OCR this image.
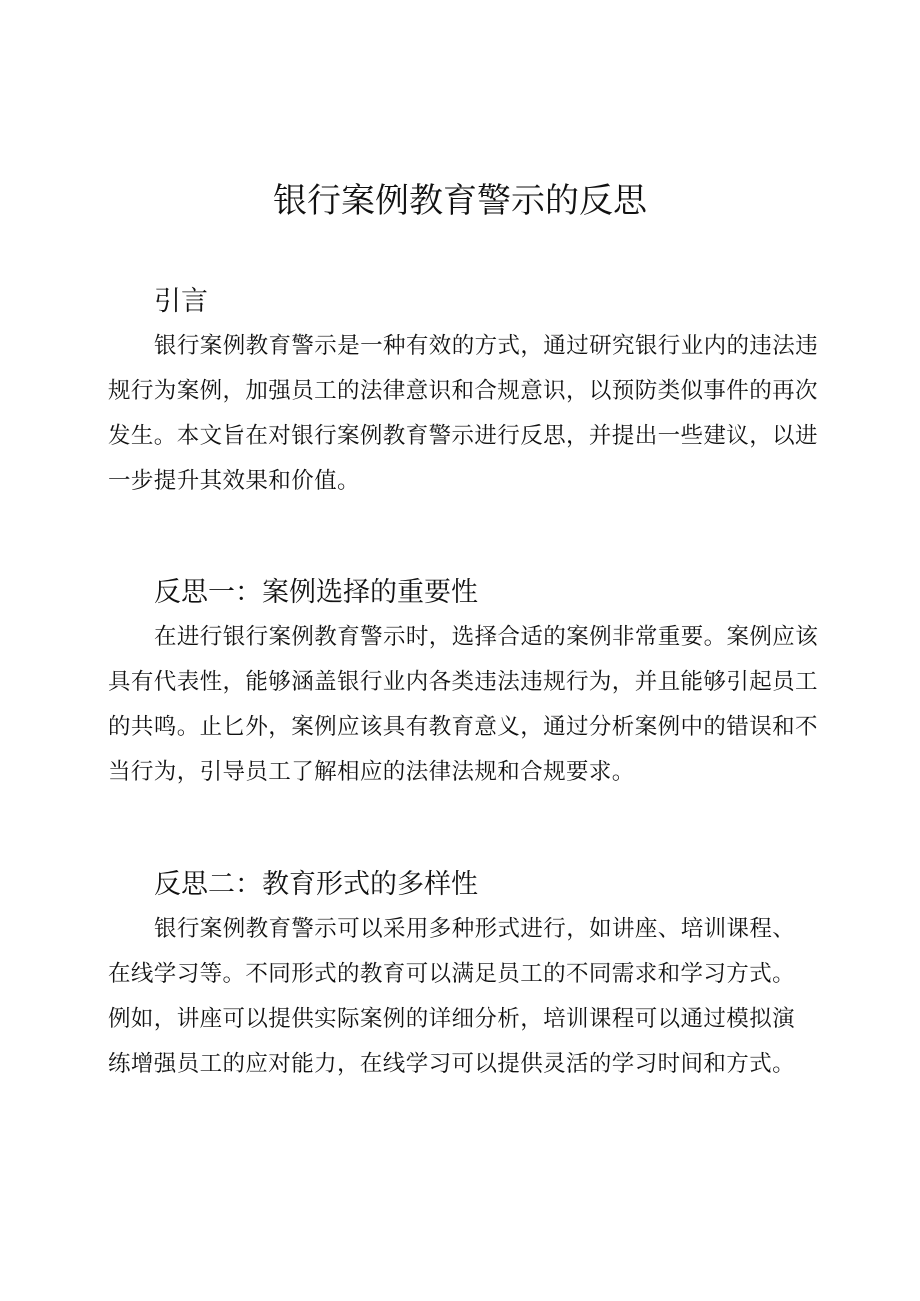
银行案例教育警示的反思
引言

银行案例教育警示是一种有效的方式，通过研究银行业内的违法违
规行为案例，加强员工的法律意识和合规意识，以预防类似事件的再次
发生。本文旨在对银行案例教育警示进行反思，并提出一些建议，以进
一步提升其效果和价值。

反思一：案例选择的重要性

在进行银行案例教育警示时，选择合适的案例非常重要。案例应该
具有代表性，能够涵盖银行业内各类违法违规行为，并且能够引起员工
的共鸣。止匕外，案例应该具有教育意义，通过分析案例中的错误和不
当行为，引导员工了解相应的法律法规和合规要求。

反思二：教育形式的多样性

银行案例教育警示可以采用多种形式进行，如讲座、培训课程、
在线学习等。不同形式的教育可以满足员工的不同需求和学习方式。
例如，讲座可以提供实际案例的详细分析，培训课程可以通过模拟演
练增强员工的应对能力，在线学习可以提供灵活的学习时间和方式。
